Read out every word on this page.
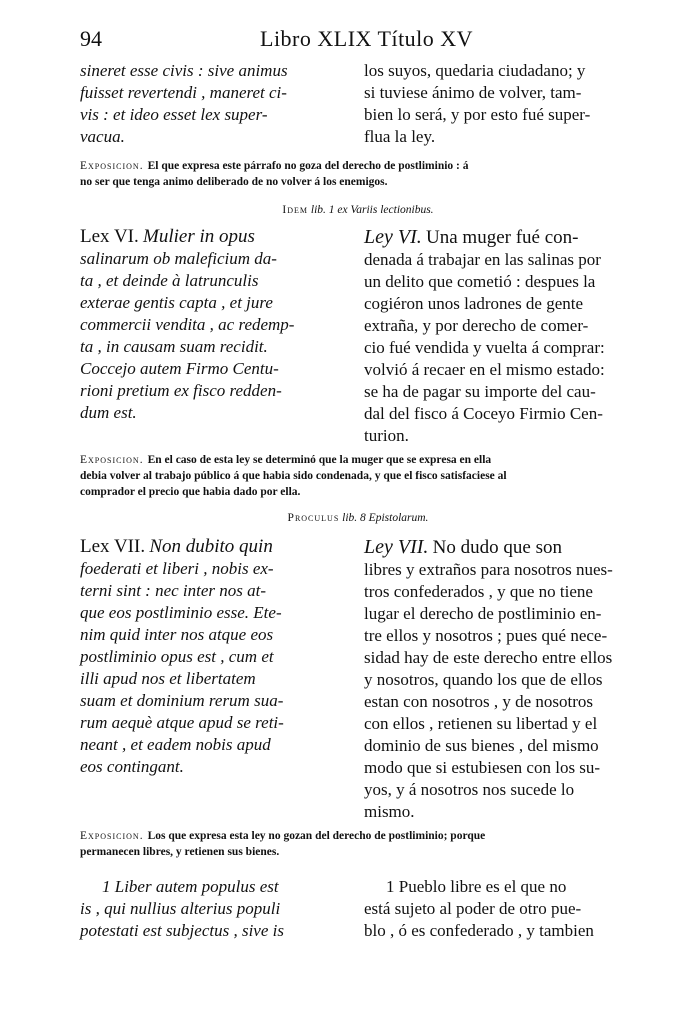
94	Libro XLIX Título XV
sineret esse civis : sive animus
fuisset revertendi , maneret ci-
vis : et ideo esset lex super-
vacua.
los suyos, quedaria ciudadano; y
si tuviese ánimo de volver, tam-
bien lo será, y por esto fué super-
flua la ley.
Exposicion. El que expresa este párrafo no goza del derecho de postliminio : á
no ser que tenga animo deliberado de no volver á los enemigos.
Idem lib. 1 ex Variis lectionibus.
Lex VI. Mulier in opus
salinarum ob maleficium da-
ta , et deinde à latrunculis
exterae gentis capta , et jure
commercii vendita , ac redemp-
ta , in causam suam recidit.
Coccejo autem Firmo Centu-
rioni pretium ex fisco redden-
dum est.
Ley VI. Una muger fué con-
denada á trabajar en las salinas por
un delito que cometió : despues la
cogiéron unos ladrones de gente
extraña, y por derecho de comer-
cio fué vendida y vuelta á comprar:
volvió á recaer en el mismo estado:
se ha de pagar su importe del cau-
dal del fisco á Coceyo Firmio Cen-
turion.
Exposicion. En el caso de esta ley se determinó que la muger que se expresa en ella
debia volver al trabajo público á que habia sido condenada, y que el fisco satisfaciese al
comprador el precio que habia dado por ella.
Proculus lib. 8 Epistolarum.
Lex VII. Non dubito quin
foederati et liberi , nobis ex-
terni sint : nec inter nos at-
que eos postliminio esse. Ete-
nim quid inter nos atque eos
postliminio opus est , cum et
illi apud nos et libertatem
suam et dominium rerum sua-
rum aequè atque apud se reti-
neant , et eadem nobis apud
eos contingant.
Ley VII. No dudo que son
libres y extraños para nosotros nues-
tros confederados , y que no tiene
lugar el derecho de postliminio en-
tre ellos y nosotros ; pues qué nece-
sidad hay de este derecho entre ellos
y nosotros, quando los que de ellos
estan con nosotros , y de nosotros
con ellos , retienen su libertad y el
dominio de sus bienes , del mismo
modo que si estubiesen con los su-
yos, y á nosotros nos sucede lo
mismo.
Exposicion. Los que expresa esta ley no gozan del derecho de postliminio; porque
permanecen libres, y retienen sus bienes.
1 Liber autem populus est
is , qui nullius alterius populi
potestati est subjectus , sive is
1 Pueblo libre es el que no
está sujeto al poder de otro pue-
blo , ó es confederado , y tambien
